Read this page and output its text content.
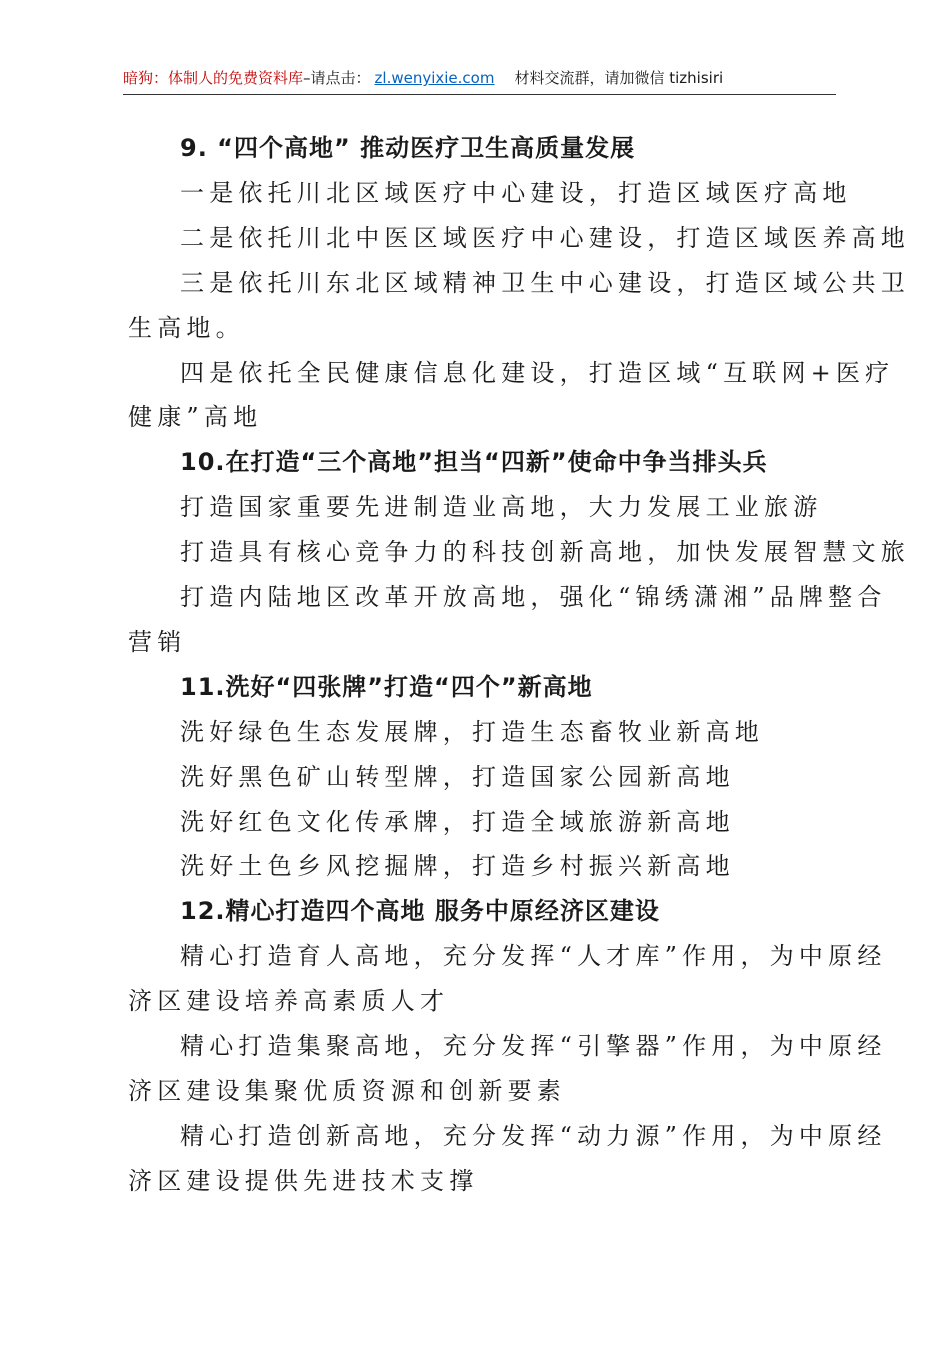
暗狗：体制人的免费资料库–请点击： zl.wenyixie.com 材料交流群，请加微信 tizhisiri
9. “四个高地” 推动医疗卫生高质量发展
一是依托川北区域医疗中心建设，打造区域医疗高地
二是依托川北中医区域医疗中心建设，打造区域医养高地
三是依托川东北区域精神卫生中心建设，打造区域公共卫
生高地。
四是依托全民健康信息化建设，打造区域“互联网+医疗
健康”高地
10.在打造“三个高地”担当“四新”使命中争当排头兵
打造国家重要先进制造业高地，大力发展工业旅游
打造具有核心竞争力的科技创新高地，加快发展智慧文旅
打造内陆地区改革开放高地，强化“锦绣潇湘”品牌整合
营销
11.洗好“四张牌”打造“四个”新高地
洗好绿色生态发展牌，打造生态畜牧业新高地
洗好黑色矿山转型牌，打造国家公园新高地
洗好红色文化传承牌，打造全域旅游新高地
洗好土色乡风挖掘牌，打造乡村振兴新高地
12.精心打造四个高地 服务中原经济区建设
精心打造育人高地，充分发挥“人才库”作用，为中原经
济区建设培养高素质人才
精心打造集聚高地，充分发挥“引擎器”作用，为中原经
济区建设集聚优质资源和创新要素
精心打造创新高地，充分发挥“动力源”作用，为中原经
济区建设提供先进技术支撑
